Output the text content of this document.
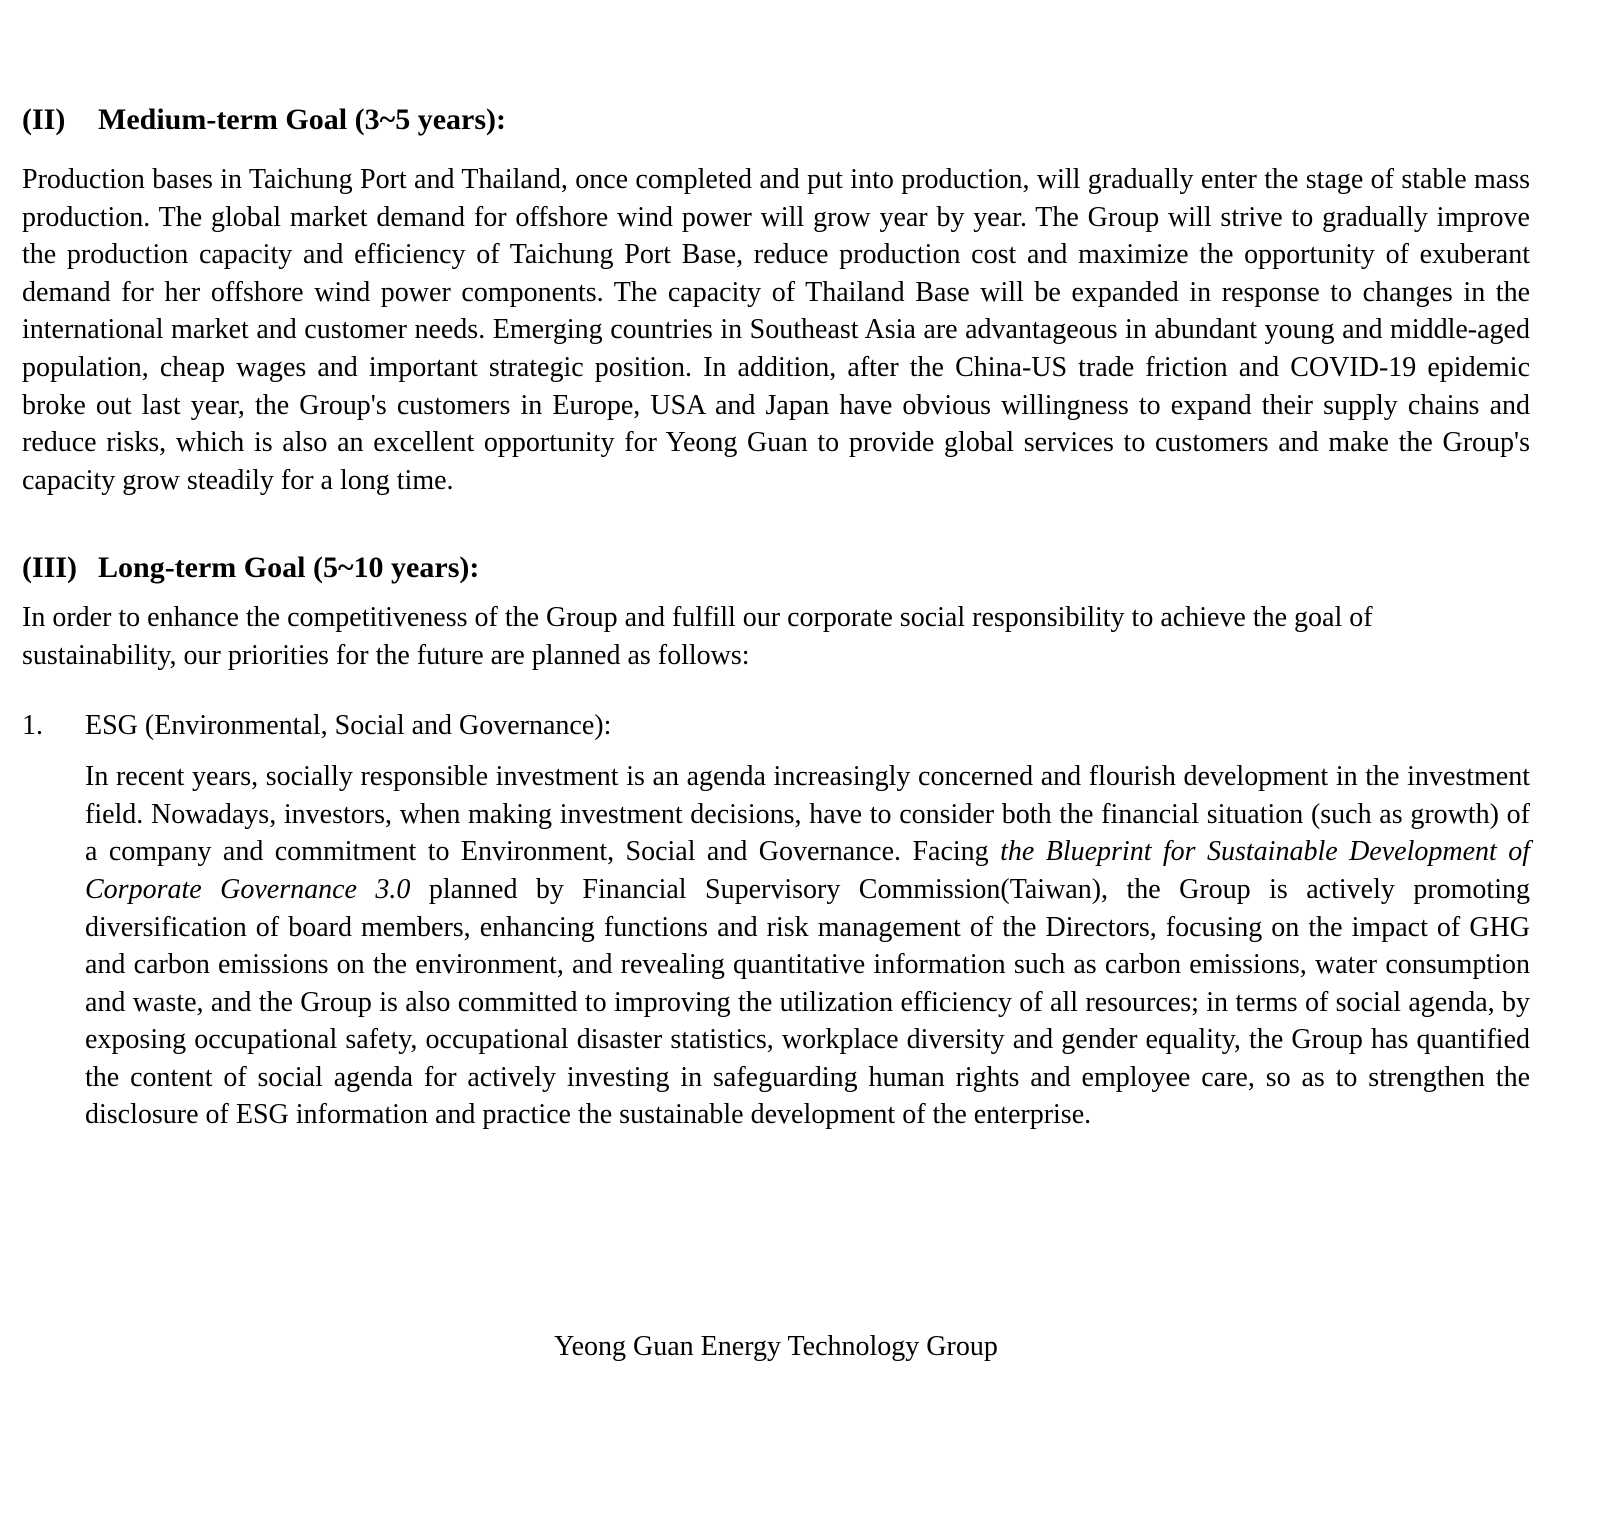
(II)	Medium-term Goal (3~5 years):

Production bases in Taichung Port and Thailand, once completed and put into production, will gradually enter the stage of stable mass production. The global market demand for offshore wind power will grow year by year. The Group will strive to gradually improve the production capacity and efficiency of Taichung Port Base, reduce production cost and maximize the opportunity of exuberant demand for her offshore wind power components. The capacity of Thailand Base will be expanded in response to changes in the international market and customer needs. Emerging countries in Southeast Asia are advantageous in abundant young and middle-aged population, cheap wages and important strategic position. In addition, after the China-US trade friction and COVID-19 epidemic broke out last year, the Group's customers in Europe, USA and Japan have obvious willingness to expand their supply chains and reduce risks, which is also an excellent opportunity for Yeong Guan to provide global services to customers and make the Group's capacity grow steadily for a long time.

(III) Long-term Goal (5~10 years):

In order to enhance the competitiveness of the Group and fulfill our corporate social responsibility to achieve the goal of sustainability, our priorities for the future are planned as follows:

1.	ESG (Environmental, Social and Governance):

In recent years, socially responsible investment is an agenda increasingly concerned and flourish development in the investment field. Nowadays, investors, when making investment decisions, have to consider both the financial situation (such as growth) of a company and commitment to Environment, Social and Governance. Facing the Blueprint for Sustainable Development of Corporate Governance 3.0 planned by Financial Supervisory Commission(Taiwan), the Group is actively promoting diversification of board members, enhancing functions and risk management of the Directors, focusing on the impact of GHG and carbon emissions on the environment, and revealing quantitative information such as carbon emissions, water consumption and waste, and the Group is also committed to improving the utilization efficiency of all resources; in terms of social agenda, by exposing occupational safety, occupational disaster statistics, workplace diversity and gender equality, the Group has quantified the content of social agenda for actively investing in safeguarding human rights and employee care, so as to strengthen the disclosure of ESG information and practice the sustainable development of the enterprise.

Yeong Guan Energy Technology Group
